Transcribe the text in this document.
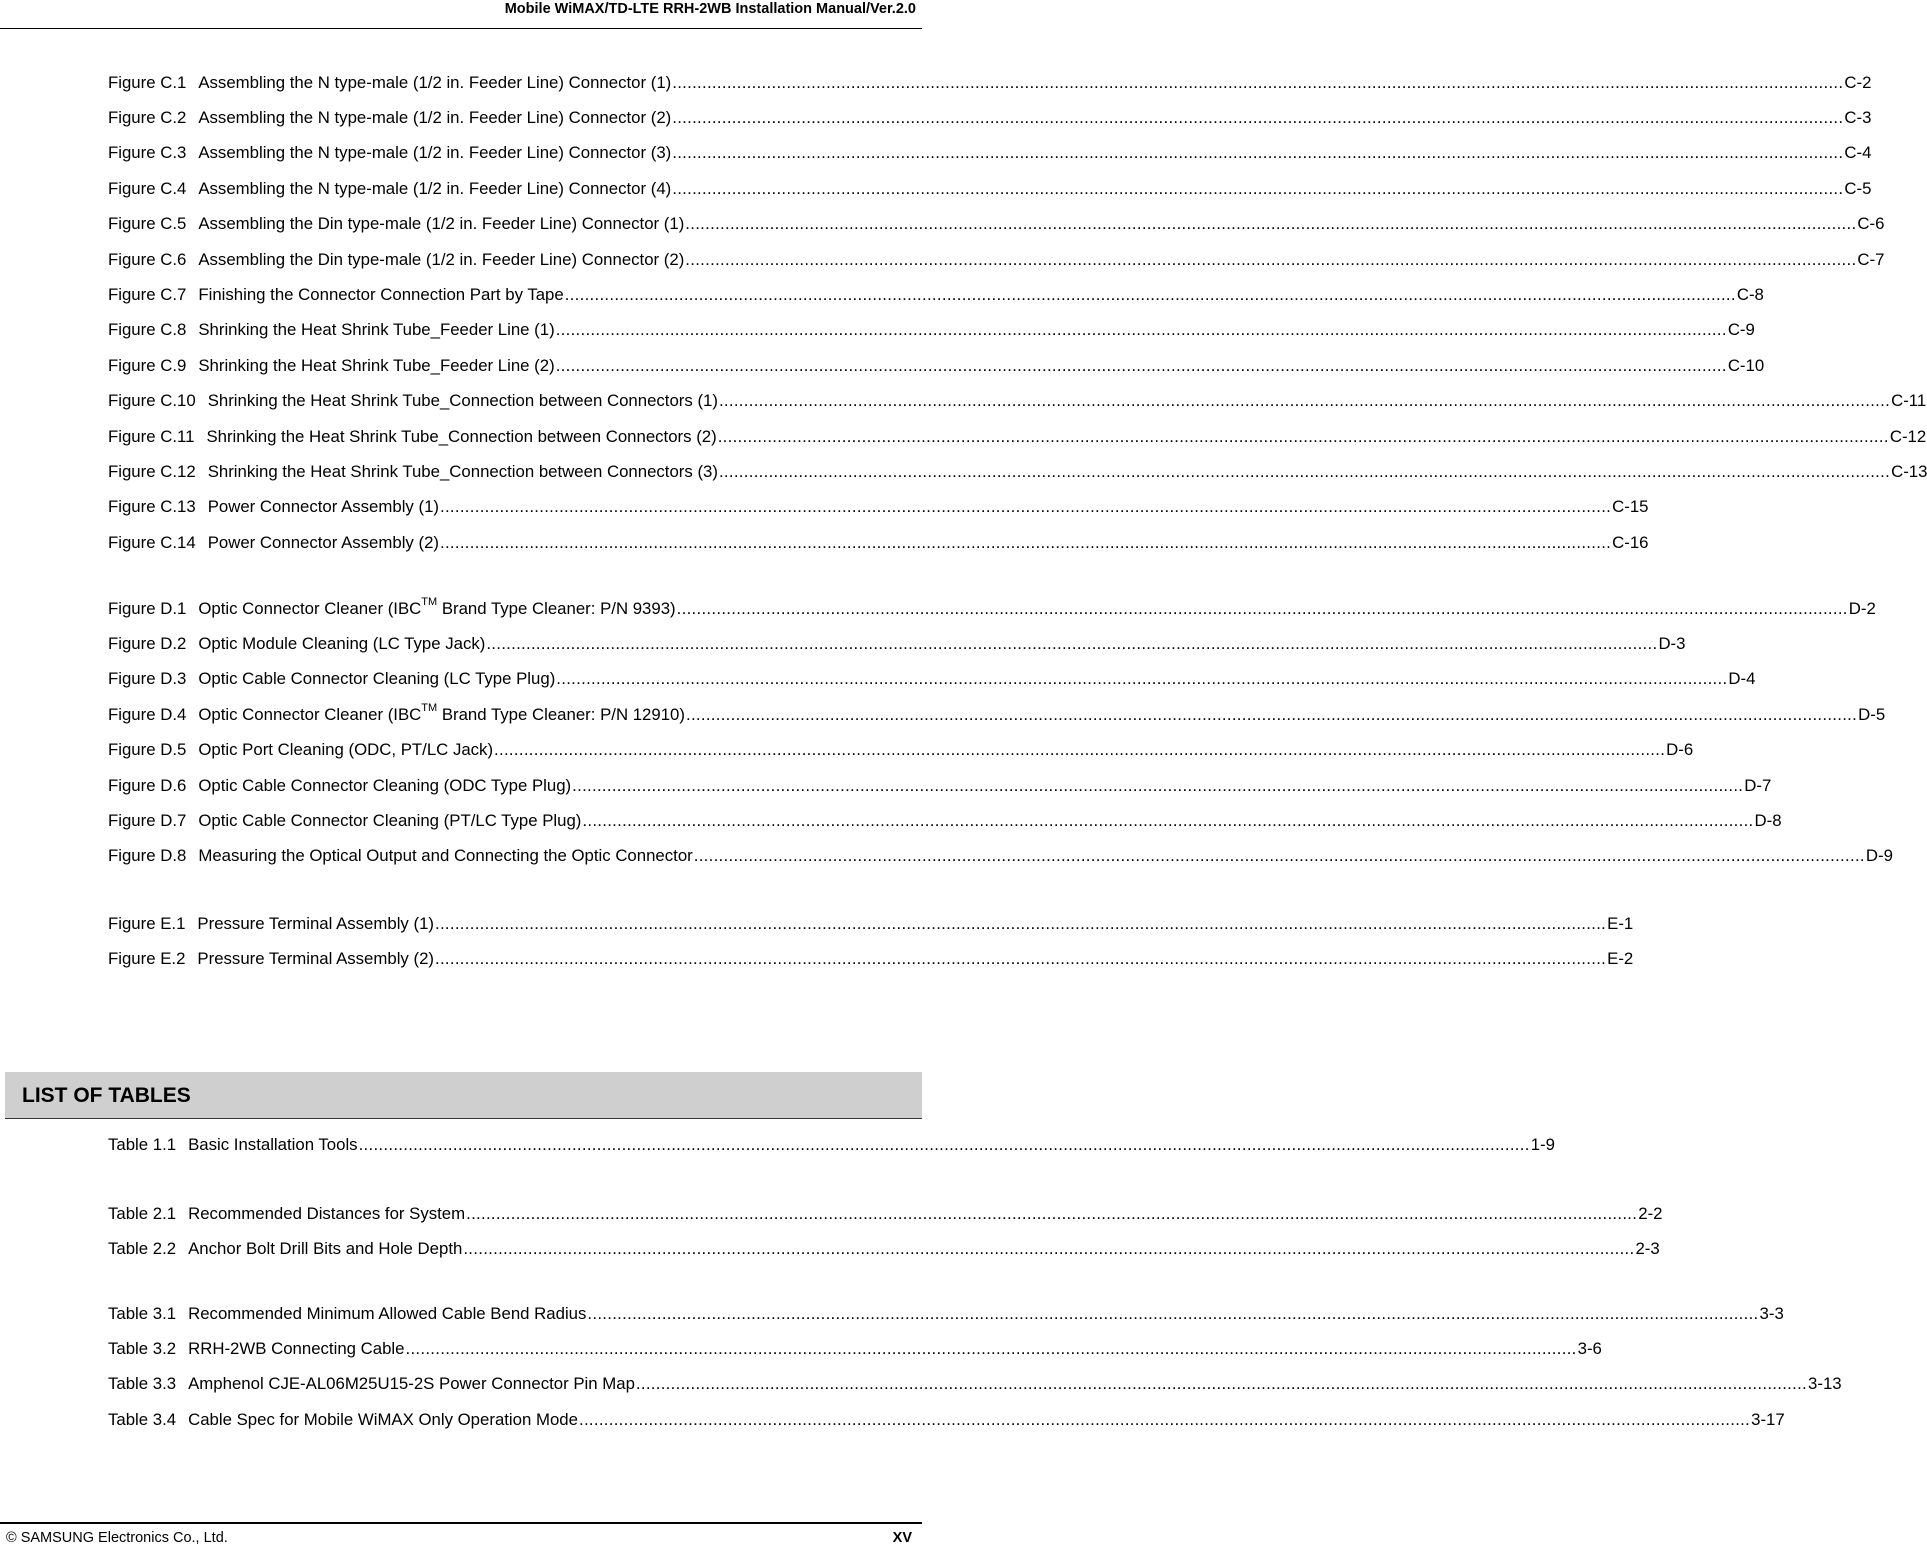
Mobile WiMAX/TD-LTE RRH-2WB Installation Manual/Ver.2.0
Figure C.1 Assembling the N type-male (1/2 in. Feeder Line) Connector (1) .....	C-2
Figure C.2 Assembling the N type-male (1/2 in. Feeder Line) Connector (2) .....	C-3
Figure C.3 Assembling the N type-male (1/2 in. Feeder Line) Connector (3) .....	C-4
Figure C.4 Assembling the N type-male (1/2 in. Feeder Line) Connector (4) .....	C-5
Figure C.5 Assembling the Din type-male (1/2 in. Feeder Line) Connector (1) .....	C-6
Figure C.6 Assembling the Din type-male (1/2 in. Feeder Line) Connector (2) .....	C-7
Figure C.7 Finishing the Connector Connection Part by Tape .....	C-8
Figure C.8 Shrinking the Heat Shrink Tube_Feeder Line (1) .....	C-9
Figure C.9 Shrinking the Heat Shrink Tube_Feeder Line (2) .....	C-10
Figure C.10 Shrinking the Heat Shrink Tube_Connection between Connectors (1) .....	C-11
Figure C.11 Shrinking the Heat Shrink Tube_Connection between Connectors (2) .....	C-12
Figure C.12 Shrinking the Heat Shrink Tube_Connection between Connectors (3) .....	C-13
Figure C.13 Power Connector Assembly (1) .....	C-15
Figure C.14 Power Connector Assembly (2) .....	C-16
Figure D.1 Optic Connector Cleaner (IBC™ Brand Type Cleaner: P/N 9393) .....	D-2
Figure D.2 Optic Module Cleaning (LC Type Jack) .....	D-3
Figure D.3 Optic Cable Connector Cleaning (LC Type Plug) .....	D-4
Figure D.4 Optic Connector Cleaner (IBC™ Brand Type Cleaner: P/N 12910) .....	D-5
Figure D.5 Optic Port Cleaning (ODC, PT/LC Jack) .....	D-6
Figure D.6 Optic Cable Connector Cleaning (ODC Type Plug) .....	D-7
Figure D.7 Optic Cable Connector Cleaning (PT/LC Type Plug) .....	D-8
Figure D.8 Measuring the Optical Output and Connecting the Optic Connector .....	D-9
Figure E.1 Pressure Terminal Assembly (1) .....	E-1
Figure E.2 Pressure Terminal Assembly (2) .....	E-2
LIST OF TABLES
Table 1.1 Basic Installation Tools .....	1-9
Table 2.1 Recommended Distances for System .....	2-2
Table 2.2 Anchor Bolt Drill Bits and Hole Depth .....	2-3
Table 3.1 Recommended Minimum Allowed Cable Bend Radius .....	3-3
Table 3.2 RRH-2WB Connecting Cable .....	3-6
Table 3.3 Amphenol CJE-AL06M25U15-2S Power Connector Pin Map .....	3-13
Table 3.4 Cable Spec for Mobile WiMAX Only Operation Mode .....	3-17
© SAMSUNG Electronics Co., Ltd.	XV
